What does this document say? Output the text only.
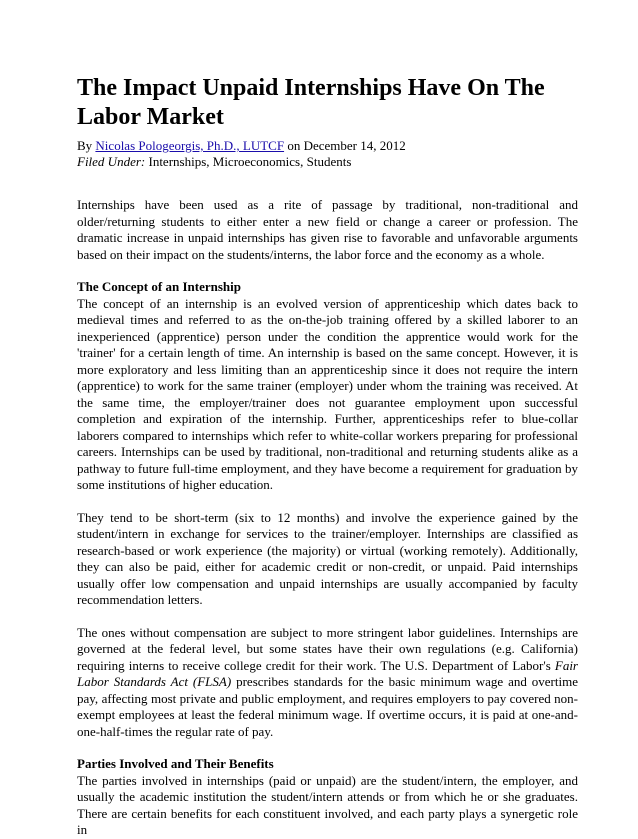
The Impact Unpaid Internships Have On The Labor Market

By Nicolas Pologeorgis, Ph.D., LUTCF on December 14, 2012

Filed Under: Internships, Microeconomics, Students

Internships have been used as a rite of passage by traditional, non-traditional and older/returning students to either enter a new field or change a career or profession. The dramatic increase in unpaid internships has given rise to favorable and unfavorable arguments based on their impact on the students/interns, the labor force and the economy as a whole.

The Concept of an Internship

The concept of an internship is an evolved version of apprenticeship which dates back to medieval times and referred to as the on-the-job training offered by a skilled laborer to an inexperienced (apprentice) person under the condition the apprentice would work for the 'trainer' for a certain length of time. An internship is based on the same concept. However, it is more exploratory and less limiting than an apprenticeship since it does not require the intern (apprentice) to work for the same trainer (employer) under whom the training was received. At the same time, the employer/trainer does not guarantee employment upon successful completion and expiration of the internship. Further, apprenticeships refer to blue-collar laborers compared to internships which refer to white-collar workers preparing for professional careers. Internships can be used by traditional, non-traditional and returning students alike as a pathway to future full-time employment, and they have become a requirement for graduation by some institutions of higher education.

They tend to be short-term (six to 12 months) and involve the experience gained by the student/intern in exchange for services to the trainer/employer. Internships are classified as research-based or work experience (the majority) or virtual (working remotely). Additionally, they can also be paid, either for academic credit or non-credit, or unpaid. Paid internships usually offer low compensation and unpaid internships are usually accompanied by faculty recommendation letters.

The ones without compensation are subject to more stringent labor guidelines. Internships are governed at the federal level, but some states have their own regulations (e.g. California) requiring interns to receive college credit for their work. The U.S. Department of Labor's Fair Labor Standards Act (FLSA) prescribes standards for the basic minimum wage and overtime pay, affecting most private and public employment, and requires employers to pay covered non-exempt employees at least the federal minimum wage. If overtime occurs, it is paid at one-and-one-half-times the regular rate of pay.

Parties Involved and Their Benefits

The parties involved in internships (paid or unpaid) are the student/intern, the employer, and usually the academic institution the student/intern attends or from which he or she graduates. There are certain benefits for each constituent involved, and each party plays a synergetic role in
